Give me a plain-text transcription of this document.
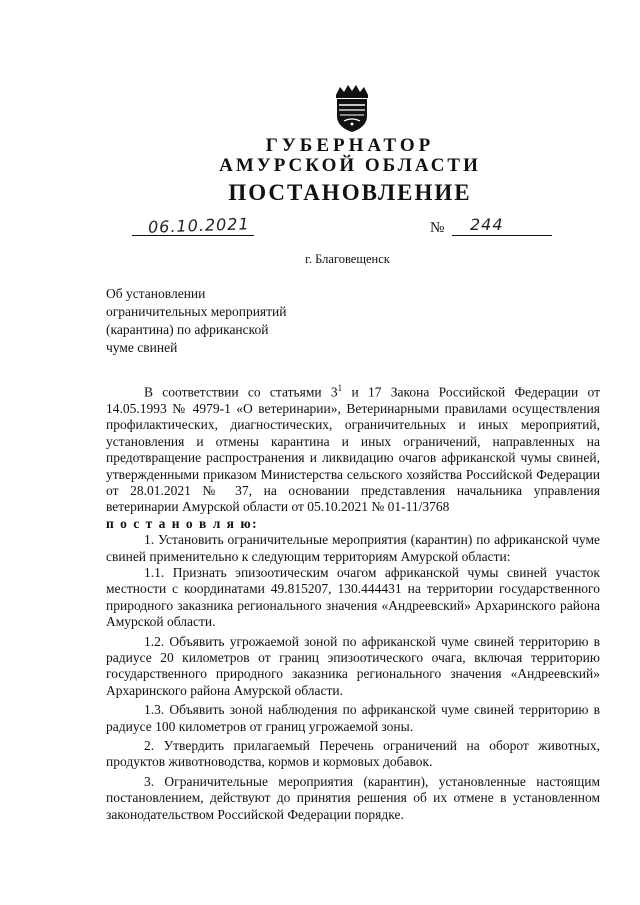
ГУБЕРНАТОР
АМУРСКОЙ ОБЛАСТИ
ПОСТАНОВЛЕНИЕ
06.10.2021	№ 244
г. Благовещенск
Об установлении
ограничительных мероприятий
(карантина) по африканской
чуме свиней

В соответствии со статьями $3^1$ и 17 Закона Российской Федерации от 14.05.1993 № 4979-1 «О ветеринарии», Ветеринарными правилами осуществления профилактических, диагностических, ограничительных и иных мероприятий, установления и отмены карантина и иных ограничений, направленных на предотвращение распространения и ликвидацию очагов африканской чумы свиней, утвержденными приказом Министерства сельского хозяйства Российской Федерации от 28.01.2021 № 37, на основании представления начальника управления ветеринарии Амурской области от 05.10.2021 № 01-11/3768

п о с т а н о в л я ю:

1. Установить ограничительные мероприятия (карантин) по африканской чуме свиней применительно к следующим территориям Амурской области:

1.1. Признать эпизоотическим очагом африканской чумы свиней участок местности с координатами 49.815207, 130.444431 на территории государственного природного заказника регионального значения «Андреевский» Архаринского района Амурской области.

1.2. Объявить угрожаемой зоной по африканской чуме свиней территорию в радиусе 20 километров от границ эпизоотического очага, включая территорию государственного природного заказника регионального значения «Андреевский» Архаринского района Амурской области.

1.3. Объявить зоной наблюдения по африканской чуме свиней территорию в радиусе 100 километров от границ угрожаемой зоны.

2. Утвердить прилагаемый Перечень ограничений на оборот животных, продуктов животноводства, кормов и кормовых добавок.

3. Ограничительные мероприятия (карантин), установленные настоящим постановлением, действуют до принятия решения об их отмене в установленном законодательством Российской Федерации порядке.
